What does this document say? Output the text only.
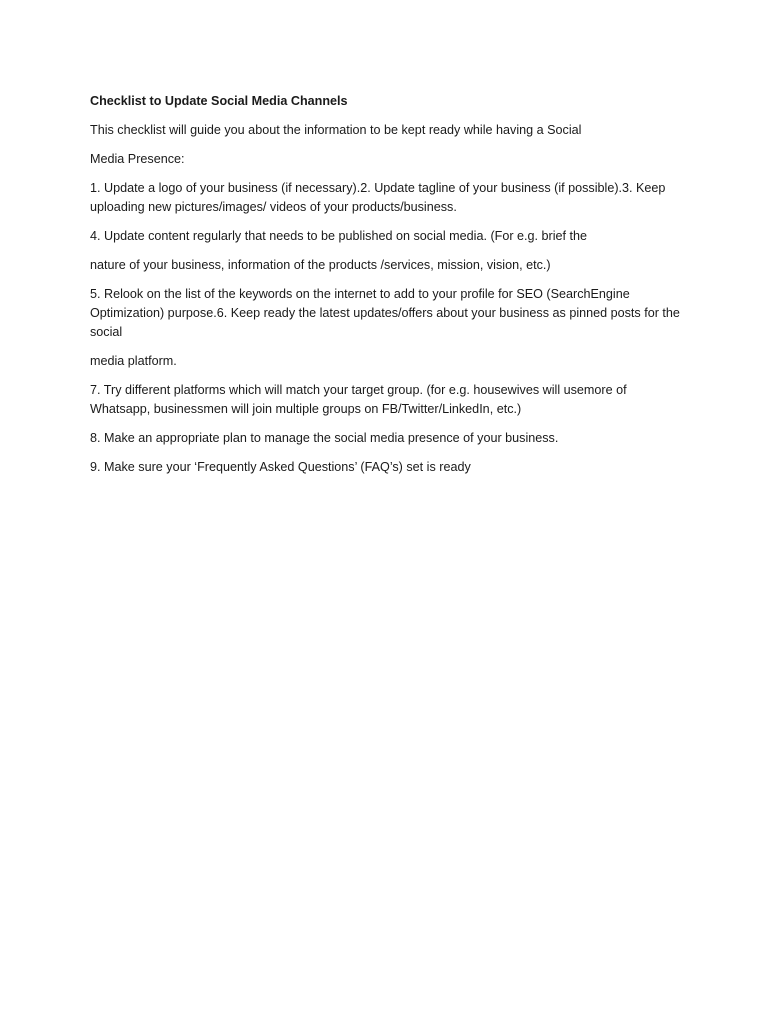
Checklist to Update Social Media Channels

This checklist will guide you about the information to be kept ready while having a Social

Media Presence:

1. Update a logo of your business (if necessary).2. Update tagline of your business (if possible).3. Keep uploading new pictures/images/ videos of your products/business.

4. Update content regularly that needs to be published on social media. (For e.g. brief the

nature of your business, information of the products /services, mission, vision, etc.)

5. Relook on the list of the keywords on the internet to add to your profile for SEO (SearchEngine Optimization) purpose.6. Keep ready the latest updates/offers about your business as pinned posts for the social

media platform.

7. Try different platforms which will match your target group. (for e.g. housewives will usemore of Whatsapp, businessmen will join multiple groups on FB/Twitter/LinkedIn, etc.)

8. Make an appropriate plan to manage the social media presence of your business.

9. Make sure your ‘Frequently Asked Questions’ (FAQ’s) set is ready
